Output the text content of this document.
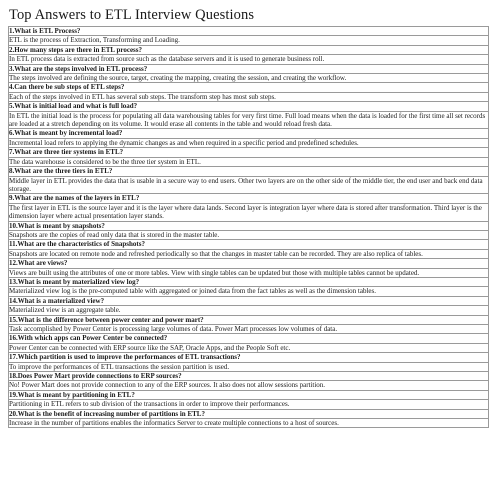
Top Answers to ETL Interview Questions
1.What is ETL Process?
ETL is the process of Extraction, Transforming and Loading.
2.How many steps are there in ETL process?
In ETL process data is extracted from source such as the database servers and it is used to generate business roll.
3.What are the steps involved in ETL process?
The steps involved are defining the source, target, creating the mapping, creating the session, and creating the workflow.
4.Can there be sub steps of ETL steps?
Each of the steps involved in ETL has several sub steps. The transform step has most sub steps.
5.What is initial load and what is full load?
In ETL the initial load is the process for populating all data warehousing tables for very first time. Full load means when the data is loaded for the first time all set records are loaded at a stretch depending on its volume. It would erase all contents in the table and would reload fresh data.
6.What is meant by incremental load?
Incremental load refers to applying the dynamic changes as and when required in a specific period and predefined schedules.
7.What are three tier systems in ETL?
The data warehouse is considered to be the three tier system in ETL.
8.What are the three tiers in ETL?
Middle layer in ETL provides the data that is usable in a secure way to end users. Other two layers are on the other side of the middle tier, the end user and back end data storage.
9.What are the names of the layers in ETL?
The first layer in ETL is the source layer and it is the layer where data lands. Second layer is integration layer where data is stored after transformation. Third layer is the dimension layer where actual presentation layer stands.
10.What is meant by snapshots?
Snapshots are the copies of read only data that is stored in the master table.
11.What are the characteristics of Snapshots?
Snapshots are located on remote node and refreshed periodically so that the changes in master table can be recorded. They are also replica of tables.
12.What are views?
Views are built using the attributes of one or more tables. View with single tables can be updated but those with multiple tables cannot be updated.
13.What is meant by materialized view log?
Materialized view log is the pre-computed table with aggregated or joined data from the fact tables as well as the dimension tables.
14.What is a materialized view?
Materialized view is an aggregate table.
15.What is the difference between power center and power mart?
Task accomplished by Power Center is processing large volumes of data. Power Mart processes low volumes of data.
16.With which apps can Power Center be connected?
Power Center can be connected with ERP source like the SAP, Oracle Apps, and the People Soft etc.
17.Which partition is used to improve the performances of ETL transactions?
To improve the performances of ETL transactions the session partition is used.
18.Does Power Mart provide connections to ERP sources?
No! Power Mart does not provide connection to any of the ERP sources. It also does not allow sessions partition.
19.What is meant by partitioning in ETL?
Partitioning in ETL refers to sub division of the transactions in order to improve their performances.
20.What is the benefit of increasing number of partitions in ETL?
Increase in the number of partitions enables the informatics Server to create multiple connections to a host of sources.
